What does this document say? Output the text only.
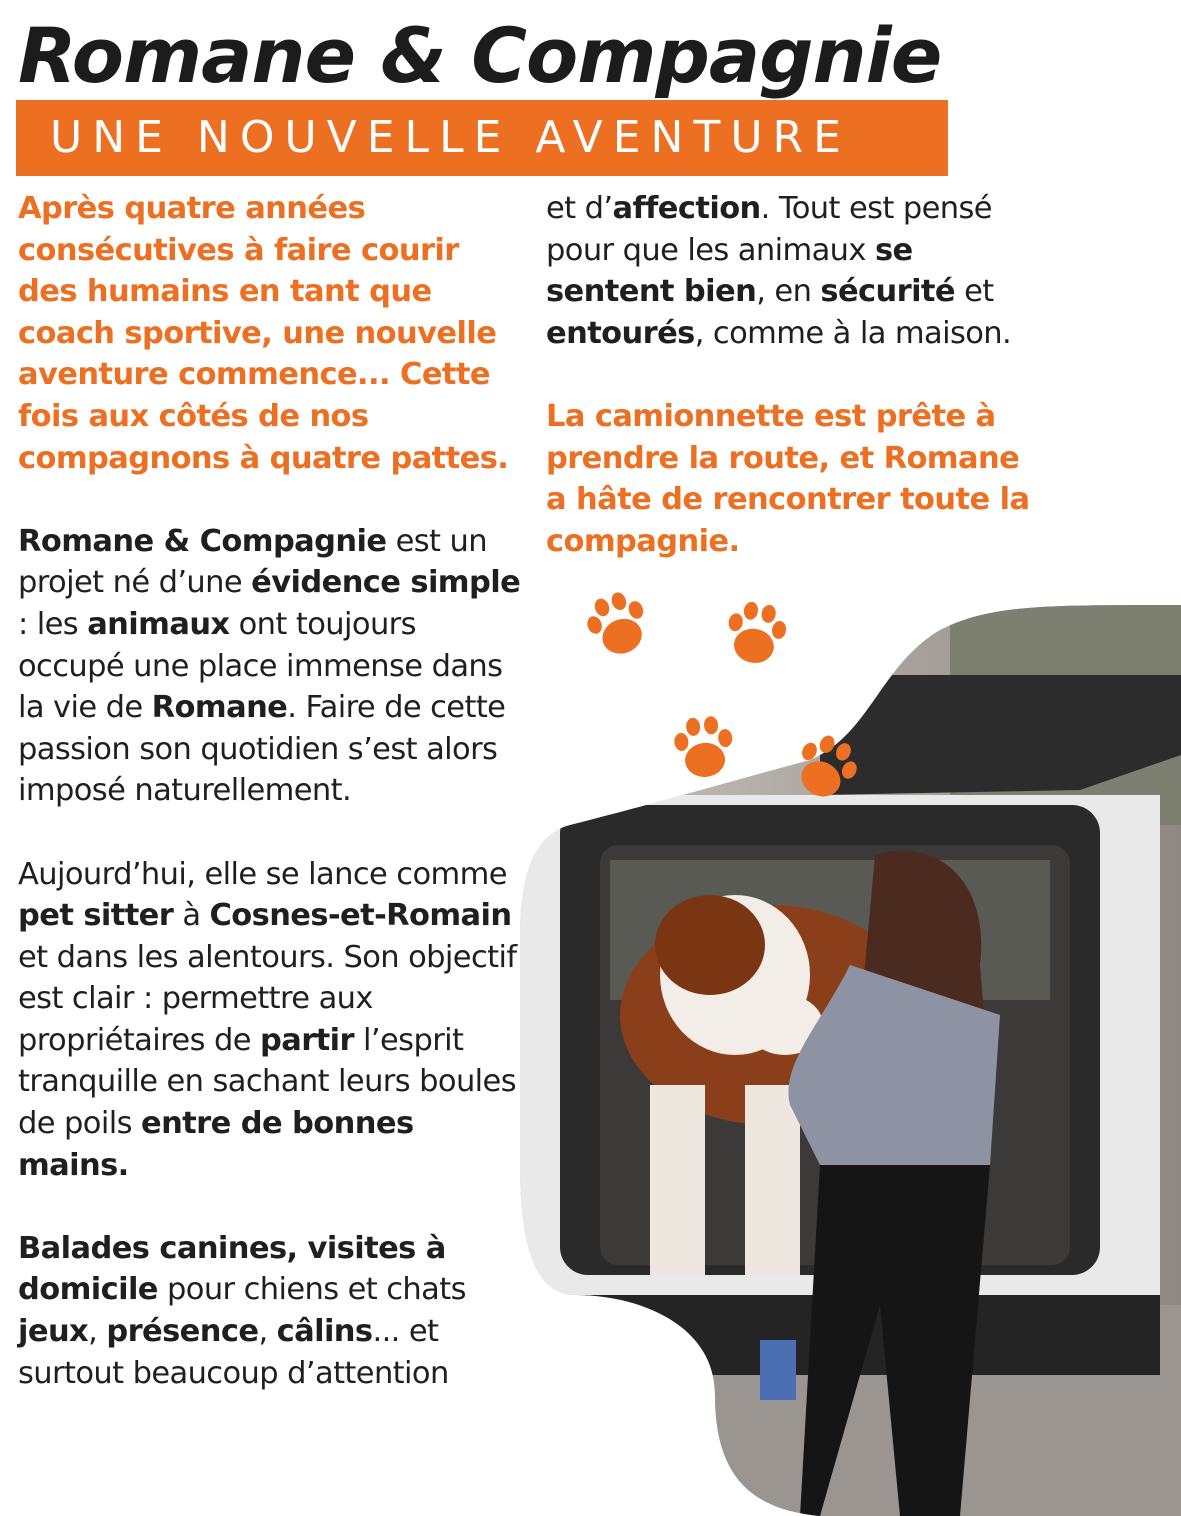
Romane & Compagnie
UNE NOUVELLE AVENTURE

Après quatre années consécutives à faire courir des humains en tant que coach sportive, une nouvelle aventure commence... Cette fois aux côtés de nos compagnons à quatre pattes.

Romane & Compagnie est un projet né d’une évidence simple : les animaux ont toujours occupé une place immense dans la vie de Romane. Faire de cette passion son quotidien s’est alors imposé naturellement.

Aujourd’hui, elle se lance comme pet sitter à Cosnes-et-Romain et dans les alentours. Son objectif est clair : permettre aux propriétaires de partir l’esprit tranquille en sachant leurs boules de poils entre de bonnes mains.

Balades canines, visites à domicile pour chiens et chats jeux, présence, câlins... et surtout beaucoup d’attention

et d’affection. Tout est pensé pour que les animaux se sentent bien, en sécurité et entourés, comme à la maison.

La camionnette est prête à prendre la route, et Romane a hâte de rencontrer toute la compagnie.
